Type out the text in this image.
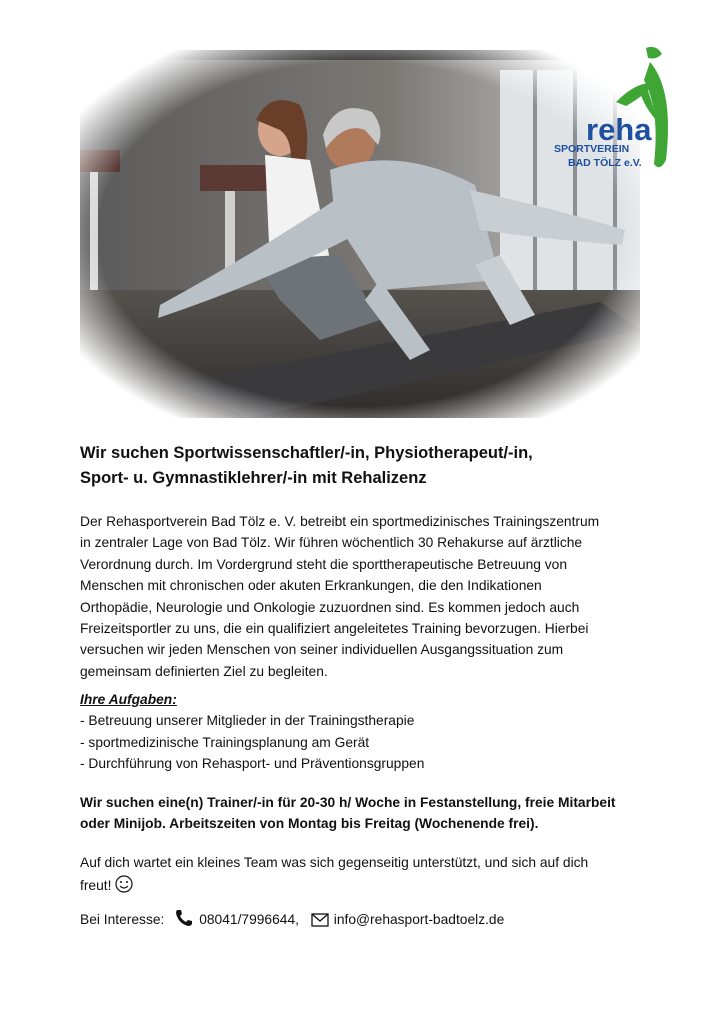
reha
SPORTVEREIN
BAD TÖLZ e.V.
Wir suchen Sportwissenschaftler/-in, Physiotherapeut/-in,
Sport- u. Gymnastiklehrer/-in mit Rehalizenz
Der Rehasportverein Bad Tölz e. V. betreibt ein sportmedizinisches Trainingszentrum
in zentraler Lage von Bad Tölz. Wir führen wöchentlich 30 Rehakurse auf ärztliche
Verordnung durch. Im Vordergrund steht die sporttherapeutische Betreuung von
Menschen mit chronischen oder akuten Erkrankungen, die den Indikationen
Orthopädie, Neurologie und Onkologie zuzuordnen sind. Es kommen jedoch auch
Freizeitsportler zu uns, die ein qualifiziert angeleitetes Training bevorzugen. Hierbei
versuchen wir jeden Menschen von seiner individuellen Ausgangssituation zum
gemeinsam definierten Ziel zu begleiten.
Ihre Aufgaben:
- Betreuung unserer Mitglieder in der Trainingstherapie
- sportmedizinische Trainingsplanung am Gerät
- Durchführung von Rehasport- und Präventionsgruppen
Wir suchen eine(n) Trainer/-in für 20-30 h/ Woche in Festanstellung, freie Mitarbeit
oder Minijob. Arbeitszeiten von Montag bis Freitag (Wochenende frei).
Auf dich wartet ein kleines Team was sich gegenseitig unterstützt, und sich auf dich
freut!
Bei Interesse:	08041/7996644,	info@rehasport-badtoelz.de
